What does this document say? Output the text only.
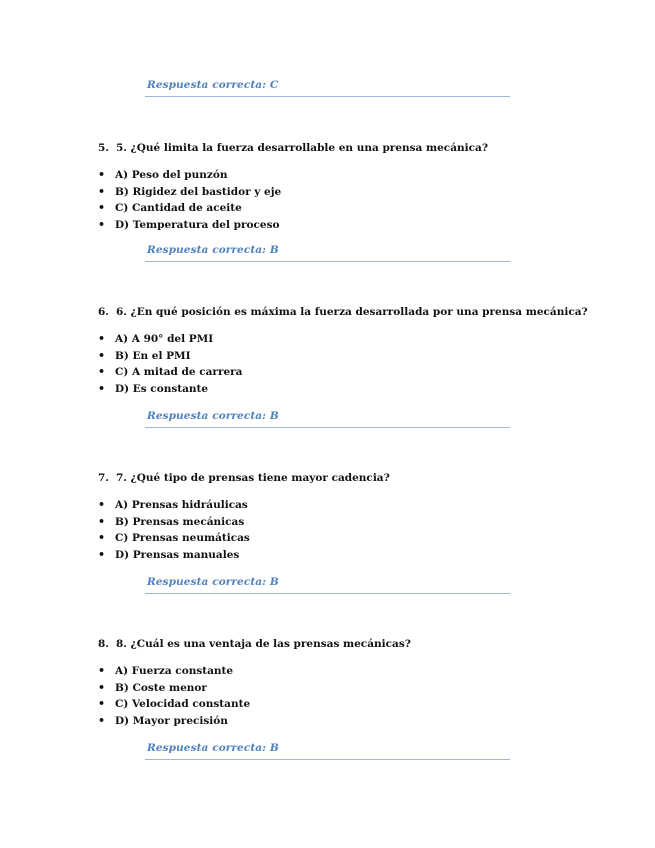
Respuesta correcta: C
5. 5. ¿Qué limita la fuerza desarrollable en una prensa mecánica?
• A) Peso del punzón
• B) Rigidez del bastidor y eje
• C) Cantidad de aceite
• D) Temperatura del proceso
Respuesta correcta: B
6. 6. ¿En qué posición es máxima la fuerza desarrollada por una prensa mecánica?
• A) A 90° del PMI
• B) En el PMI
• C) A mitad de carrera
• D) Es constante
Respuesta correcta: B
7. 7. ¿Qué tipo de prensas tiene mayor cadencia?
• A) Prensas hidráulicas
• B) Prensas mecánicas
• C) Prensas neumáticas
• D) Prensas manuales
Respuesta correcta: B
8. 8. ¿Cuál es una ventaja de las prensas mecánicas?
• A) Fuerza constante
• B) Coste menor
• C) Velocidad constante
• D) Mayor precisión
Respuesta correcta: B
